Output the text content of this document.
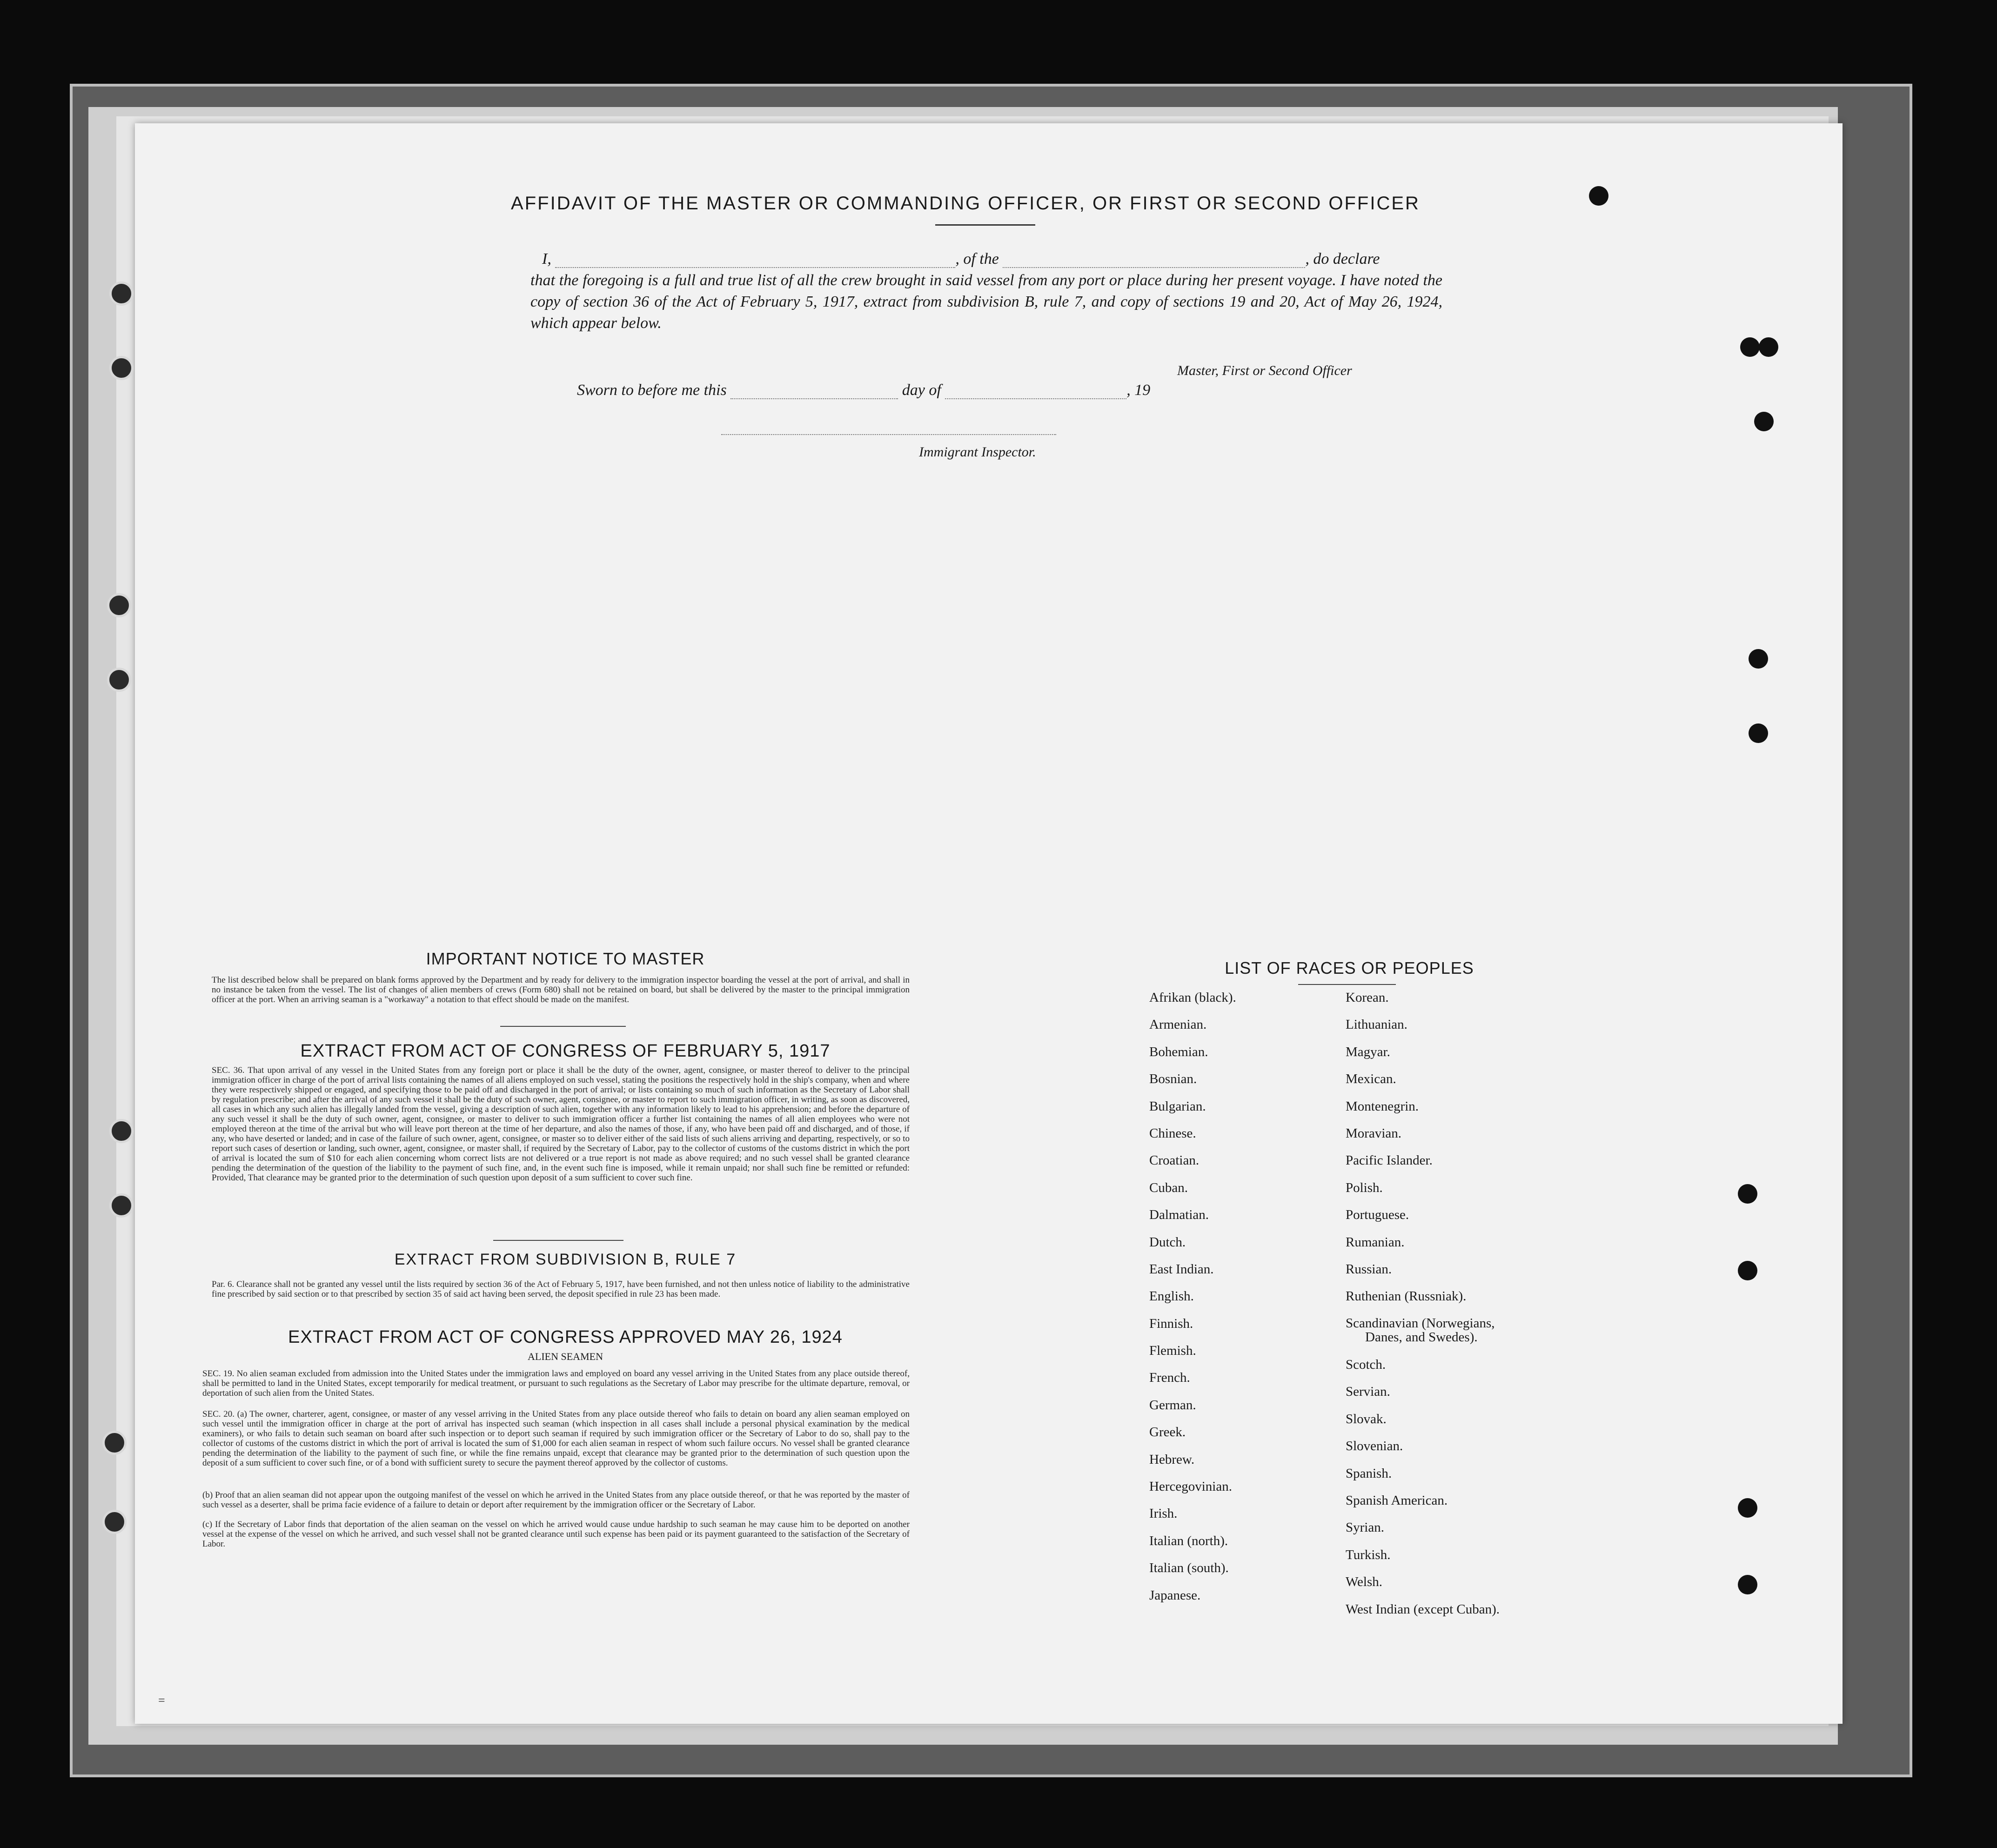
AFFIDAVIT OF THE MASTER OR COMMANDING OFFICER, OR FIRST OR SECOND OFFICER
I,	, of the	, do declare
that the foregoing is a full and true list of all the crew brought in said vessel from any port or place during her present voyage. I have noted the copy of section 36 of the Act of February 5, 1917, extract from subdivision B, rule 7, and copy of sections 19 and 20, Act of May 26, 1924, which appear below.
Master, First or Second Officer
Sworn to before me this	day of	, 19
Immigrant Inspector.
IMPORTANT NOTICE TO MASTER
The list described below shall be prepared on blank forms approved by the Department and by ready for delivery to the immigration inspector boarding the vessel at the port of arrival, and shall in no instance be taken from the vessel. The list of changes of alien members of crews (Form 680) shall not be retained on board, but shall be delivered by the master to the principal immigration officer at the port. When an arriving seaman is a "workaway" a notation to that effect should be made on the manifest.
EXTRACT FROM ACT OF CONGRESS OF FEBRUARY 5, 1917
SEC. 36. That upon arrival of any vessel in the United States from any foreign port or place it shall be the duty of the owner, agent, consignee, or master thereof to deliver to the principal immigration officer in charge of the port of arrival lists containing the names of all aliens employed on such vessel, stating the positions the respectively hold in the ship's company, when and where they were respectively shipped or engaged, and specifying those to be paid off and discharged in the port of arrival; or lists containing so much of such information as the Secretary of Labor shall by regulation prescribe; and after the arrival of any such vessel it shall be the duty of such owner, agent, consignee, or master to report to such immigration officer, in writing, as soon as discovered, all cases in which any such alien has illegally landed from the vessel, giving a description of such alien, together with any information likely to lead to his apprehension; and before the departure of any such vessel it shall be the duty of such owner, agent, consignee, or master to deliver to such immigration officer a further list containing the names of all alien employees who were not employed thereon at the time of the arrival but who will leave port thereon at the time of her departure, and also the names of those, if any, who have been paid off and discharged, and of those, if any, who have deserted or landed; and in case of the failure of such owner, agent, consignee, or master so to deliver either of the said lists of such aliens arriving and departing, respectively, or so to report such cases of desertion or landing, such owner, agent, consignee, or master shall, if required by the Secretary of Labor, pay to the collector of customs of the customs district in which the port of arrival is located the sum of $10 for each alien concerning whom correct lists are not delivered or a true report is not made as above required; and no such vessel shall be granted clearance pending the determination of the question of the liability to the payment of such fine, and, in the event such fine is imposed, while it remain unpaid; nor shall such fine be remitted or refunded: Provided, That clearance may be granted prior to the determination of such question upon deposit of a sum sufficient to cover such fine.
EXTRACT FROM SUBDIVISION B, RULE 7
Par. 6. Clearance shall not be granted any vessel until the lists required by section 36 of the Act of February 5, 1917, have been furnished, and not then unless notice of liability to the administrative fine prescribed by said section or to that prescribed by section 35 of said act having been served, the deposit specified in rule 23 has been made.
EXTRACT FROM ACT OF CONGRESS APPROVED MAY 26, 1924
ALIEN SEAMEN
SEC. 19. No alien seaman excluded from admission into the United States under the immigration laws and employed on board any vessel arriving in the United States from any place outside thereof, shall be permitted to land in the United States, except temporarily for medical treatment, or pursuant to such regulations as the Secretary of Labor may prescribe for the ultimate departure, removal, or deportation of such alien from the United States.
SEC. 20. (a) The owner, charterer, agent, consignee, or master of any vessel arriving in the United States from any place outside thereof who fails to detain on board any alien seaman employed on such vessel until the immigration officer in charge at the port of arrival has inspected such seaman (which inspection in all cases shall include a personal physical examination by the medical examiners), or who fails to detain such seaman on board after such inspection or to deport such seaman if required by such immigration officer or the Secretary of Labor to do so, shall pay to the collector of customs of the customs district in which the port of arrival is located the sum of $1,000 for each alien seaman in respect of whom such failure occurs. No vessel shall be granted clearance pending the determination of the liability to the payment of such fine, or while the fine remains unpaid, except that clearance may be granted prior to the determination of such question upon the deposit of a sum sufficient to cover such fine, or of a bond with sufficient surety to secure the payment thereof approved by the collector of customs.
(b) Proof that an alien seaman did not appear upon the outgoing manifest of the vessel on which he arrived in the United States from any place outside thereof, or that he was reported by the master of such vessel as a deserter, shall be prima facie evidence of a failure to detain or deport after requirement by the immigration officer or the Secretary of Labor.
(c) If the Secretary of Labor finds that deportation of the alien seaman on the vessel on which he arrived would cause undue hardship to such seaman he may cause him to be deported on another vessel at the expense of the vessel on which he arrived, and such vessel shall not be granted clearance until such expense has been paid or its payment guaranteed to the satisfaction of the Secretary of Labor.
LIST OF RACES OR PEOPLES
Afrikan (black).
Armenian.
Bohemian.
Bosnian.
Bulgarian.
Chinese.
Croatian.
Cuban.
Dalmatian.
Dutch.
East Indian.
English.
Finnish.
Flemish.
French.
German.
Greek.
Hebrew.
Hercegovinian.
Irish.
Italian (north).
Italian (south).
Japanese.
Korean.
Lithuanian.
Magyar.
Mexican.
Montenegrin.
Moravian.
Pacific Islander.
Polish.
Portuguese.
Rumanian.
Russian.
Ruthenian (Russniak).
Scandinavian (Norwegians,
Danes, and Swedes).
Scotch.
Servian.
Slovak.
Slovenian.
Spanish.
Spanish American.
Syrian.
Turkish.
Welsh.
West Indian (except Cuban).
=
